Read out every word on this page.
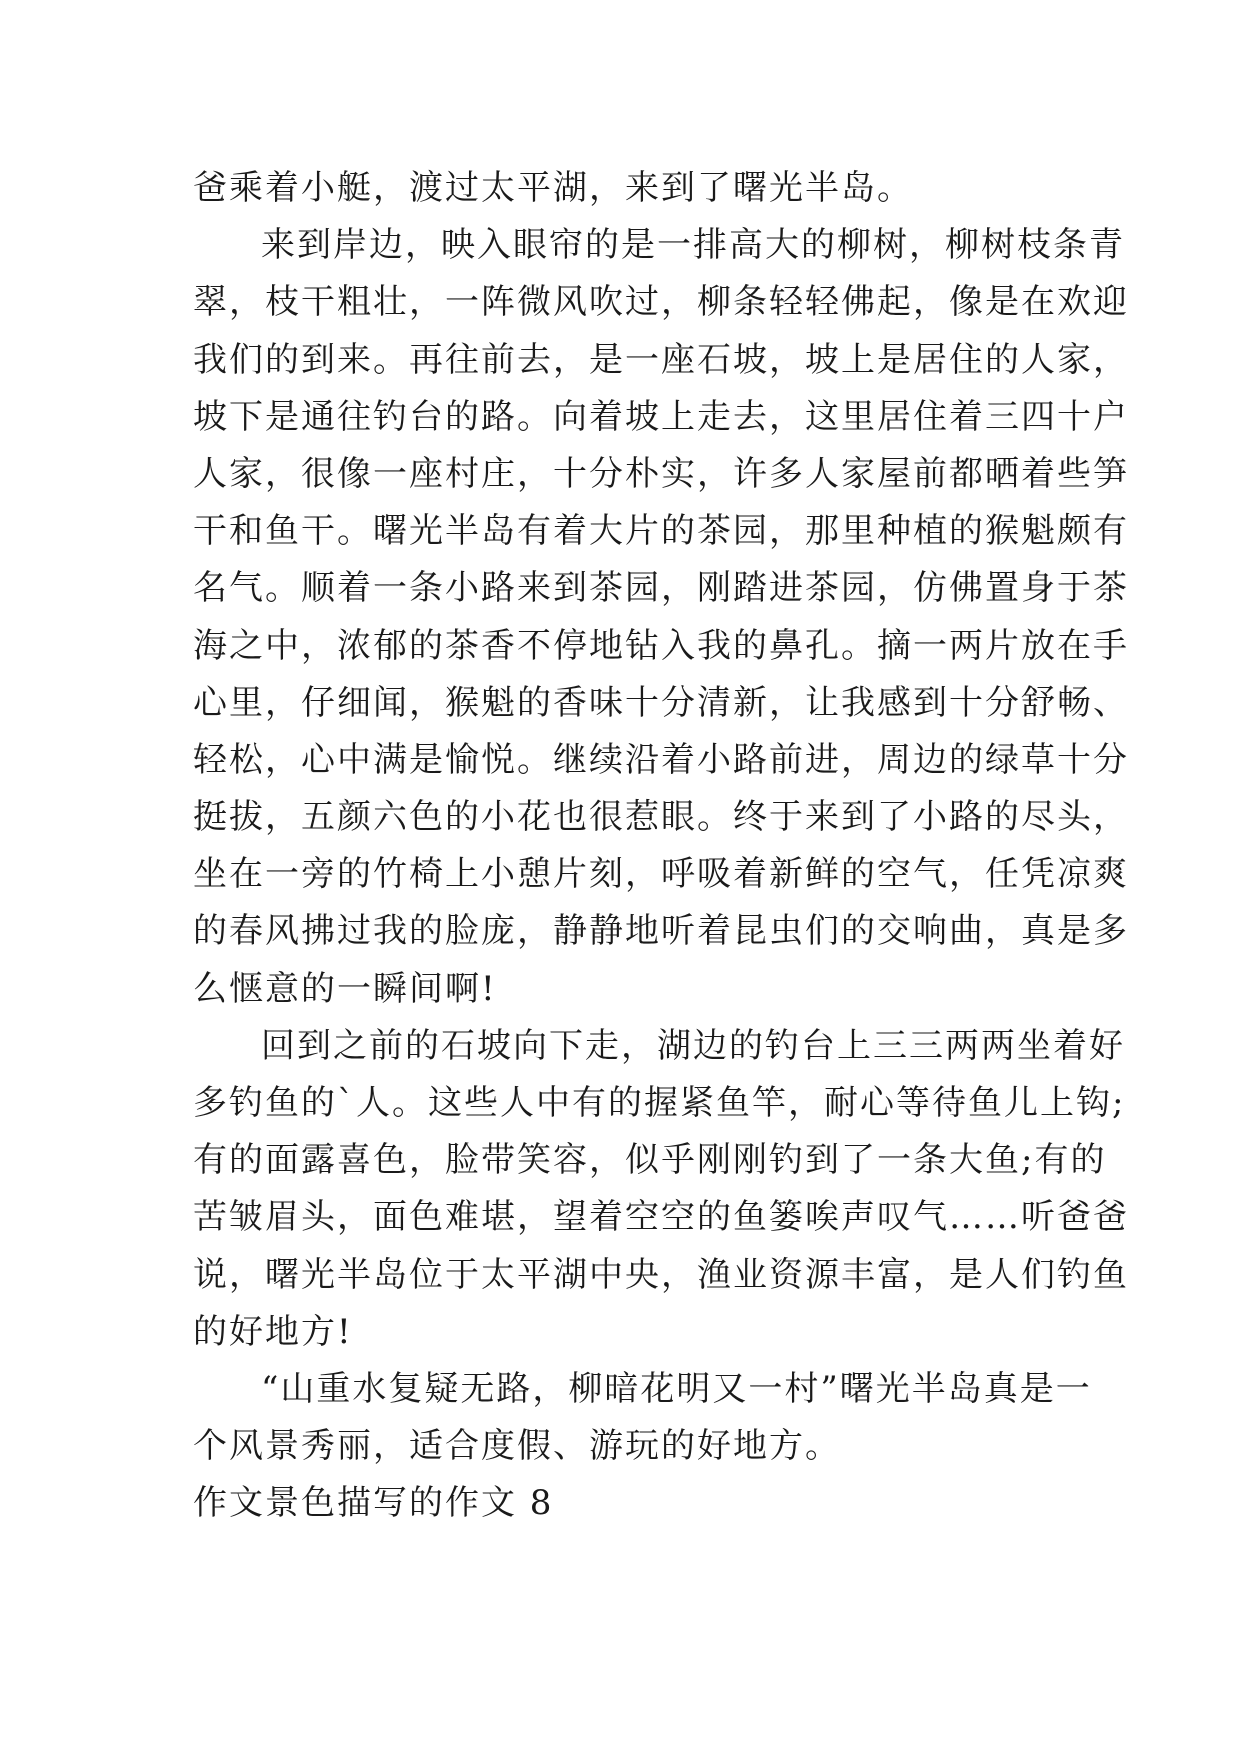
爸乘着小艇，渡过太平湖，来到了曙光半岛。
来到岸边，映入眼帘的是一排高大的柳树，柳树枝条青
翠，枝干粗壮，一阵微风吹过，柳条轻轻佛起，像是在欢迎
我们的到来。再往前去，是一座石坡，坡上是居住的人家，
坡下是通往钓台的路。向着坡上走去，这里居住着三四十户
人家，很像一座村庄，十分朴实，许多人家屋前都晒着些笋
干和鱼干。曙光半岛有着大片的茶园，那里种植的猴魁颇有
名气。顺着一条小路来到茶园，刚踏进茶园，仿佛置身于茶
海之中，浓郁的茶香不停地钻入我的鼻孔。摘一两片放在手
心里，仔细闻，猴魁的香味十分清新，让我感到十分舒畅、
轻松，心中满是愉悦。继续沿着小路前进，周边的绿草十分
挺拔，五颜六色的小花也很惹眼。终于来到了小路的尽头，
坐在一旁的竹椅上小憩片刻，呼吸着新鲜的空气，任凭凉爽
的春风拂过我的脸庞，静静地听着昆虫们的交响曲，真是多
么惬意的一瞬间啊!
回到之前的石坡向下走，湖边的钓台上三三两两坐着好
多钓鱼的`人。这些人中有的握紧鱼竿，耐心等待鱼儿上钩;
有的面露喜色，脸带笑容，似乎刚刚钓到了一条大鱼;有的
苦皱眉头，面色难堪，望着空空的鱼篓唉声叹气……听爸爸
说，曙光半岛位于太平湖中央，渔业资源丰富，是人们钓鱼
的好地方!
“山重水复疑无路，柳暗花明又一村”曙光半岛真是一
个风景秀丽，适合度假、游玩的好地方。
作文景色描写的作文 8
